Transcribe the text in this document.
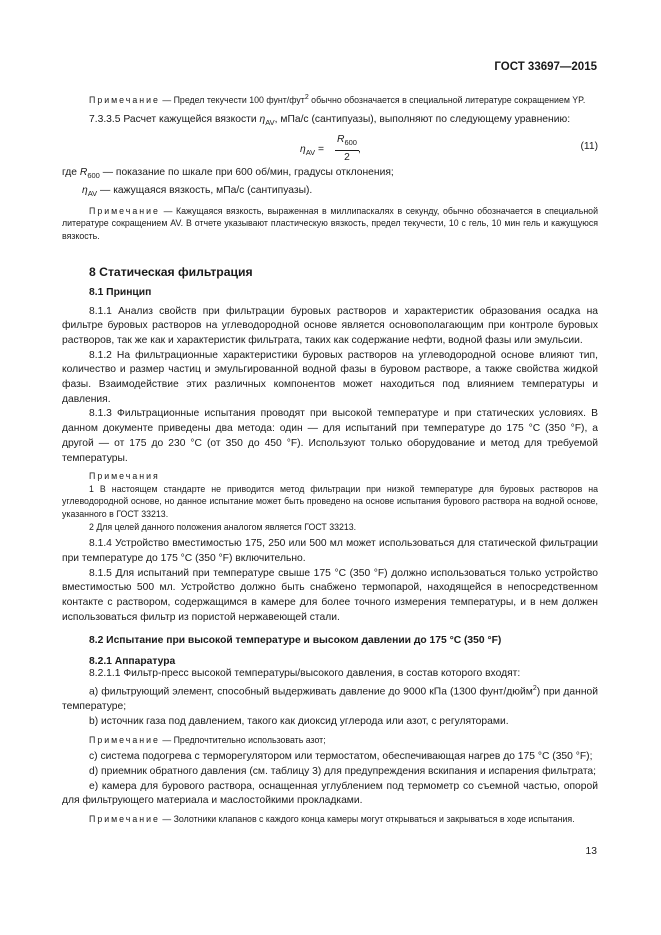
ГОСТ 33697—2015

Примечание — Предел текучести 100 фунт/фут$^2$ обычно обозначается в специальной литературе сокращением YP.

7.3.3.5 Расчет кажущейся вязкости $\eta_{AV}$, мПа/с (сантипуазы), выполняют по следующему уравнению:

$\eta_{AV} = \frac{R_{600}}{2}$ ,	(11)

где $R_{600}$ — показание по шкале при 600 об/мин, градусы отклонения;

$\eta_{AV}$ — кажущаяся вязкость, мПа/с (сантипуазы).

Примечание — Кажущаяся вязкость, выраженная в миллипаскалях в секунду, обычно обозначается в специальной литературе сокращением AV. В отчете указывают пластическую вязкость, предел текучести, 10 с гель, 10 мин гель и кажущуюся вязкость.

8 Статическая фильтрация
8.1 Принцип

8.1.1 Анализ свойств при фильтрации буровых растворов и характеристик образования осадка на фильтре буровых растворов на углеводородной основе является основополагающим при контроле буровых растворов, так же как и характеристик фильтрата, таких как содержание нефти, водной фазы или эмульсии.

8.1.2 На фильтрационные характеристики буровых растворов на углеводородной основе влияют тип, количество и размер частиц и эмульгированной водной фазы в буровом растворе, а также свойства жидкой фазы. Взаимодействие этих различных компонентов может находиться под влиянием температуры и давления.

8.1.3 Фильтрационные испытания проводят при высокой температуре и при статических условиях. В данном документе приведены два метода: один — для испытаний при температуре до 175 °C (350 °F), а другой — от 175 до 230 °C (от 350 до 450 °F). Используют только оборудование и метод для требуемой температуры.

Примечания

1 В настоящем стандарте не приводится метод фильтрации при низкой температуре для буровых растворов на углеводородной основе, но данное испытание может быть проведено на основе испытания бурового раствора на водной основе, указанного в ГОСТ 33213.

2 Для целей данного положения аналогом является ГОСТ 33213.

8.1.4 Устройство вместимостью 175, 250 или 500 мл может использоваться для статической фильтрации при температуре до 175 °C (350 °F) включительно.

8.1.5 Для испытаний при температуре свыше 175 °C (350 °F) должно использоваться только устройство вместимостью 500 мл. Устройство должно быть снабжено термопарой, находящейся в непосредственном контакте с раствором, содержащимся в камере для более точного измерения температуры, и в нем должен использоваться фильтр из пористой нержавеющей стали.

8.2 Испытание при высокой температуре и высоком давлении до 175 °C (350 °F)
8.2.1 Аппаратура

8.2.1.1 Фильтр-пресс высокой температуры/высокого давления, в состав которого входят:

a) фильтрующий элемент, способный выдерживать давление до 9000 кПа (1300 фунт/дюйм$^2$) при данной температуре;

b) источник газа под давлением, такого как диоксид углерода или азот, с регуляторами.

Примечание — Предпочтительно использовать азот;

c) система подогрева с терморегулятором или термостатом, обеспечивающая нагрев до 175 °C (350 °F);

d) приемник обратного давления (см. таблицу 3) для предупреждения вскипания и испарения фильтрата;

e) камера для бурового раствора, оснащенная углублением под термометр со съемной частью, опорой для фильтрующего материала и маслостойкими прокладками.

Примечание — Золотники клапанов с каждого конца камеры могут открываться и закрываться в ходе испытания.

13
